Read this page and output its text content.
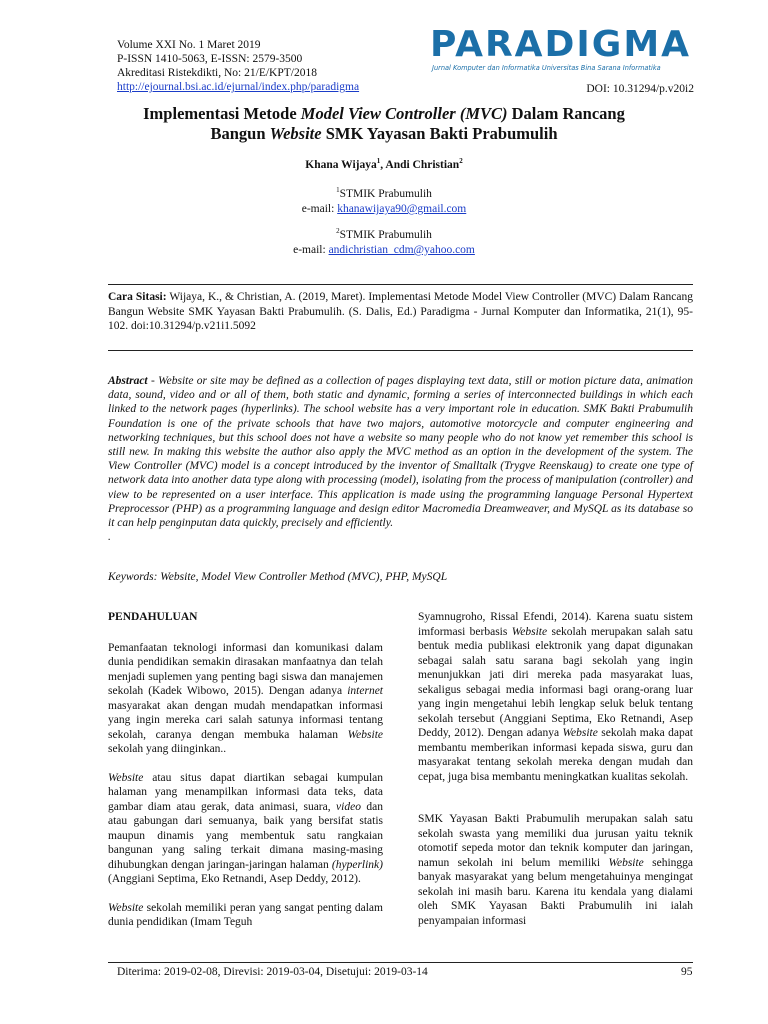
Volume XXI No. 1 Maret 2019
P-ISSN 1410-5063, E-ISSN: 2579-3500
Akreditasi Ristekdikti, No: 21/E/KPT/2018
http://ejournal.bsi.ac.id/ejurnal/index.php/paradigma
PARADIGMA
Jurnal Komputer dan Informatika Universitas Bina Sarana Informatika
DOI: 10.31294/p.v20i2
Implementasi Metode Model View Controller (MVC) Dalam Rancang
Bangun Website SMK Yayasan Bakti Prabumulih
Khana Wijaya$^1$, Andi Christian$^2$
$^1$STMIK Prabumulih
e-mail: khanawijaya90@gmail.com
$^2$STMIK Prabumulih
e-mail: andichristian_cdm@yahoo.com
Cara Sitasi: Wijaya, K., & Christian, A. (2019, Maret). Implementasi Metode Model View Controller (MVC) Dalam Rancang Bangun Website SMK Yayasan Bakti Prabumulih. (S. Dalis, Ed.) Paradigma - Jurnal Komputer dan Informatika, 21(1), 95-102. doi:10.31294/p.v21i1.5092
Abstract - Website or site may be defined as a collection of pages displaying text data, still or motion picture data, animation data, sound, video and or all of them, both static and dynamic, forming a series of interconnected buildings in which each linked to the network pages (hyperlinks). The school website has a very important role in education. SMK Bakti Prabumulih Foundation is one of the private schools that have two majors, automotive motorcycle and computer engineering and networking techniques, but this school does not have a website so many people who do not know yet remember this school is still new. In making this website the author also apply the MVC method as an option in the development of the system. The View Controller (MVC) model is a concept introduced by the inventor of Smalltalk (Trygve Reenskaug) to create one type of network data into another data type along with processing (model), isolating from the process of manipulation (controller) and view to be represented on a user interface. This application is made using the programming language Personal Hypertext Preprocessor (PHP) as a programming language and design editor Macromedia Dreamweaver, and MySQL as its database so it can help penginputan data quickly, precisely and efficiently.
.
Keywords: Website, Model View Controller Method (MVC), PHP, MySQL
PENDAHULUAN

Pemanfaatan teknologi informasi dan komunikasi dalam dunia pendidikan semakin dirasakan manfaatnya dan telah menjadi suplemen yang penting bagi siswa dan manajemen sekolah (Kadek Wibowo, 2015). Dengan adanya internet masyarakat akan dengan mudah mendapatkan informasi yang ingin mereka cari salah satunya informasi tentang sekolah, caranya dengan membuka halaman Website sekolah yang diinginkan..

Website atau situs dapat diartikan sebagai kumpulan halaman yang menampilkan informasi data teks, data gambar diam atau gerak, data animasi, suara, video dan atau gabungan dari semuanya, baik yang bersifat statis maupun dinamis yang membentuk satu rangkaian bangunan yang saling terkait dimana masing-masing dihubungkan dengan jaringan-jaringan halaman (hyperlink) (Anggiani Septima, Eko Retnandi, Asep Deddy, 2012).

Website sekolah memiliki peran yang sangat penting dalam dunia pendidikan (Imam Teguh

Syamnugroho, Rissal Efendi, 2014). Karena suatu sistem imformasi berbasis Website sekolah merupakan salah satu bentuk media publikasi elektronik yang dapat digunakan sebagai salah satu sarana bagi sekolah yang ingin menunjukkan jati diri mereka pada masyarakat luas, sekaligus sebagai media informasi bagi orang-orang luar yang ingin mengetahui lebih lengkap seluk beluk tentang sekolah tersebut (Anggiani Septima, Eko Retnandi, Asep Deddy, 2012). Dengan adanya Website sekolah maka dapat membantu memberikan informasi kepada siswa, guru dan masyarakat tentang sekolah mereka dengan mudah dan cepat, juga bisa membantu meningkatkan kualitas sekolah.

SMK Yayasan Bakti Prabumulih merupakan salah satu sekolah swasta yang memiliki dua jurusan yaitu teknik otomotif sepeda motor dan teknik komputer dan jaringan, namun sekolah ini belum memiliki Website sehingga banyak masyarakat yang belum mengetahuinya mengingat sekolah ini masih baru. Karena itu kendala yang dialami oleh SMK Yayasan Bakti Prabumulih ini ialah penyampaian informasi

Diterima: 2019-02-08, Direvisi: 2019-03-04, Disetujui: 2019-03-14	95
